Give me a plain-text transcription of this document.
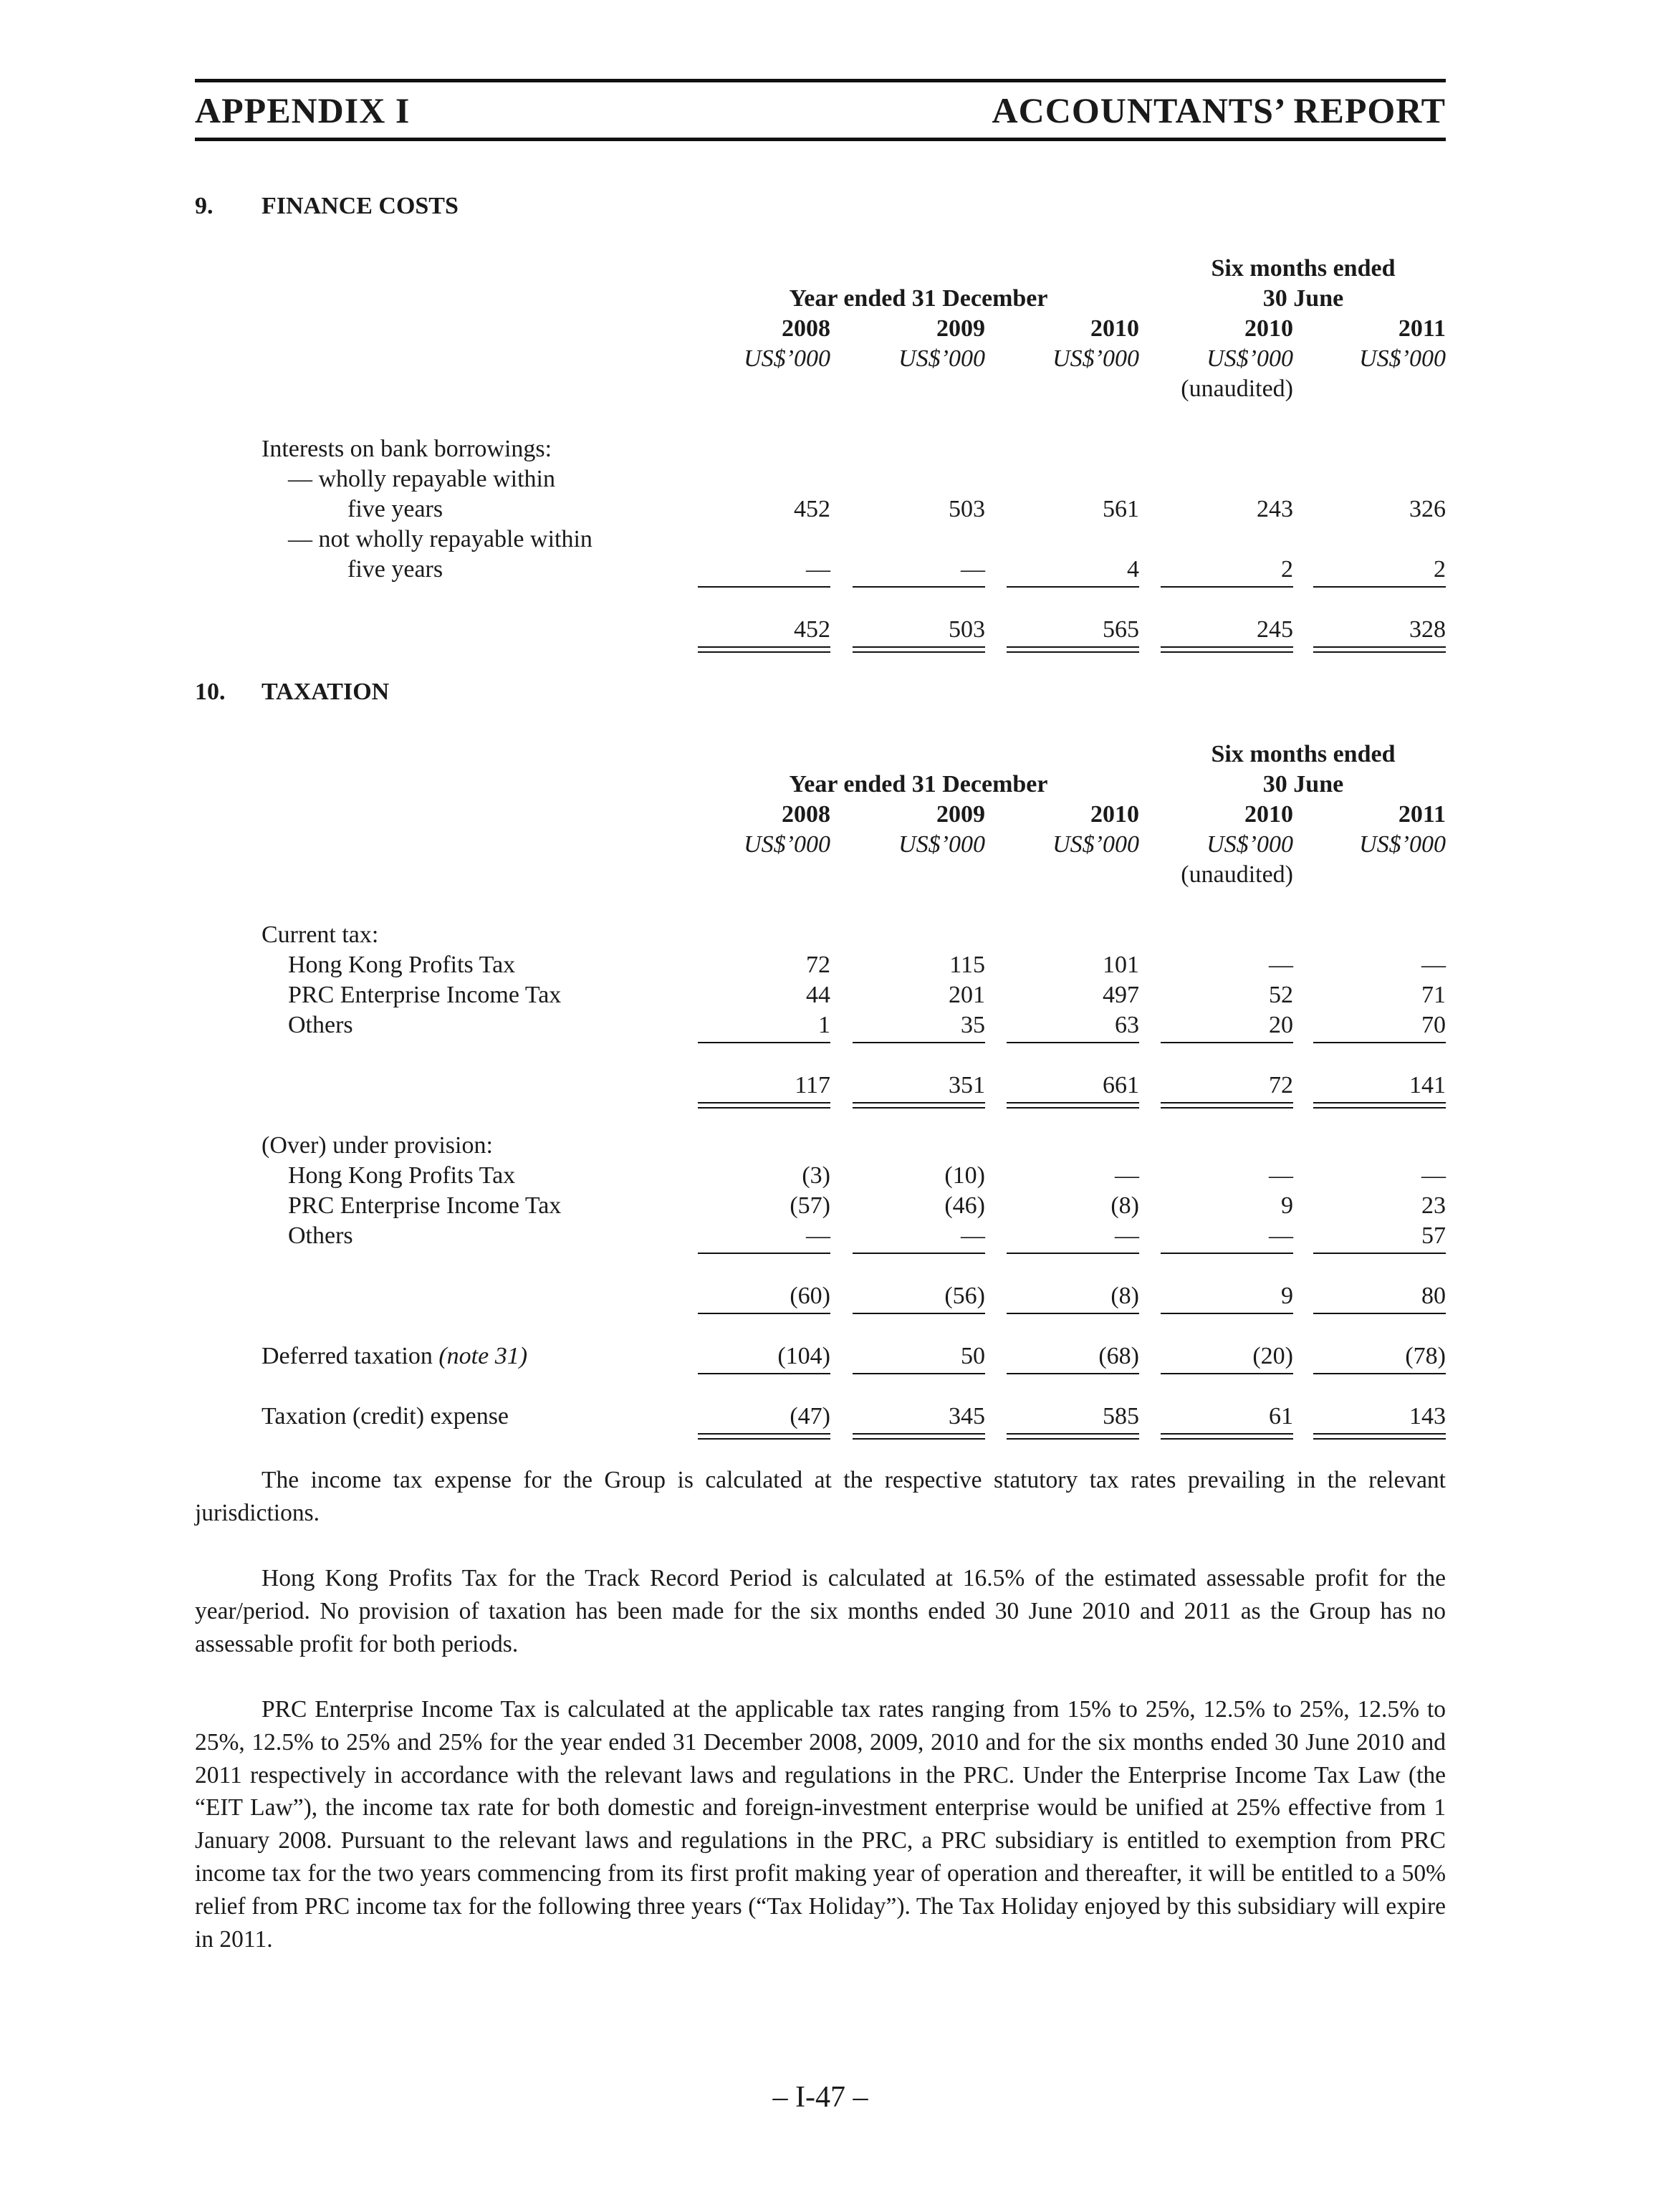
APPENDIX I	ACCOUNTANTS’ REPORT
9. FINANCE COSTS
Six months ended
Year ended 31 December	30 June
2008	2009	2010	2010	2011
US$’000	US$’000	US$’000	US$’000	US$’000
(unaudited)
Interests on bank borrowings:
— wholly repayable within
five years	452	503	561	243	326
— not wholly repayable within
five years	—	—	4	2	2
452	503	565	245	328
10. TAXATION
Six months ended
Year ended 31 December	30 June
2008	2009	2010	2010	2011
US$’000	US$’000	US$’000	US$’000	US$’000
(unaudited)
Current tax:
Hong Kong Profits Tax	72	115	101	—	—
PRC Enterprise Income Tax	44	201	497	52	71
Others	1	35	63	20	70
117	351	661	72	141
(Over) under provision:
Hong Kong Profits Tax	(3)	(10)	—	—	—
PRC Enterprise Income Tax	(57)	(46)	(8)	9	23
Others	—	—	—	—	57
(60)	(56)	(8)	9	80
Deferred taxation (note 31)	(104)	50	(68)	(20)	(78)
Taxation (credit) expense	(47)	345	585	61	143

The income tax expense for the Group is calculated at the respective statutory tax rates prevailing in the relevant jurisdictions.

Hong Kong Profits Tax for the Track Record Period is calculated at 16.5% of the estimated assessable profit for the year/period. No provision of taxation has been made for the six months ended 30 June 2010 and 2011 as the Group has no assessable profit for both periods.

PRC Enterprise Income Tax is calculated at the applicable tax rates ranging from 15% to 25%, 12.5% to 25%, 12.5% to 25%, 12.5% to 25% and 25% for the year ended 31 December 2008, 2009, 2010 and for the six months ended 30 June 2010 and 2011 respectively in accordance with the relevant laws and regulations in the PRC. Under the Enterprise Income Tax Law (the “EIT Law”), the income tax rate for both domestic and foreign-investment enterprise would be unified at 25% effective from 1 January 2008. Pursuant to the relevant laws and regulations in the PRC, a PRC subsidiary is entitled to exemption from PRC income tax for the two years commencing from its first profit making year of operation and thereafter, it will be entitled to a 50% relief from PRC income tax for the following three years (“Tax Holiday”). The Tax Holiday enjoyed by this subsidiary will expire in 2011.

– I-47 –
